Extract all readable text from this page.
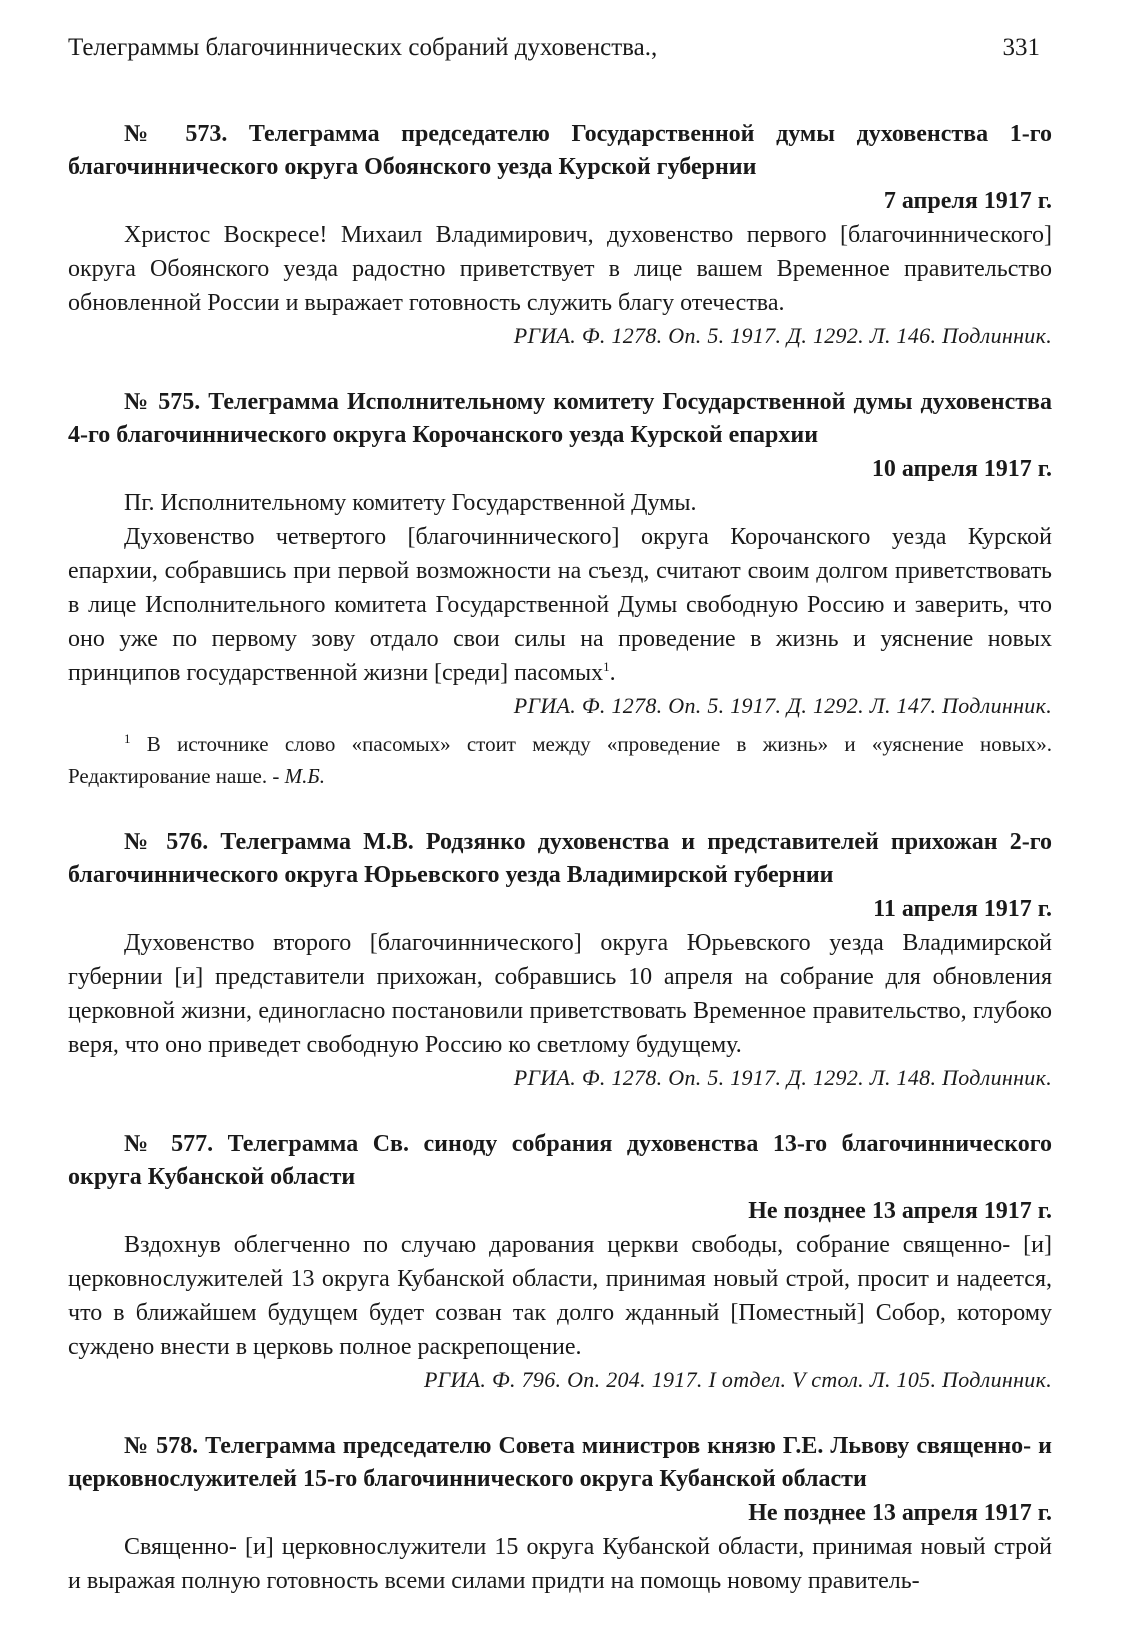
Телеграммы благочиннических собраний духовенства.,	331

№ 573. Телеграмма председателю Государственной думы духовенства 1-го благочиннического округа Обоянского уезда Курской губернии

7 апреля 1917 г.

Христос Воскресе! Михаил Владимирович, духовенство первого [благочиннического] округа Обоянского уезда радостно приветствует в лице вашем Временное правительство обновленной России и выражает готовность служить благу отечества.

РГИА. Ф. 1278. Оп. 5. 1917. Д. 1292. Л. 146. Подлинник.

№ 575. Телеграмма Исполнительному комитету Государственной думы духовенства 4-го благочиннического округа Корочанского уезда Курской епархии

10 апреля 1917 г.

Пг. Исполнительному комитету Государственной Думы.

Духовенство четвертого [благочиннического] округа Корочанского уезда Курской епархии, собравшись при первой возможности на съезд, считают своим долгом приветствовать в лице Исполнительного комитета Государственной Думы свободную Россию и заверить, что оно уже по первому зову отдало свои силы на проведение в жизнь и уяснение новых принципов государственной жизни [среди] пасомых$^1$.

РГИА. Ф. 1278. Оп. 5. 1917. Д. 1292. Л. 147. Подлинник.

$^1$ В источнике слово «пасомых» стоит между «проведение в жизнь» и «уяснение новых». Редактирование наше. - М.Б.

№ 576. Телеграмма М.В. Родзянко духовенства и представителей прихожан 2-го благочиннического округа Юрьевского уезда Владимирской губернии

11 апреля 1917 г.

Духовенство второго [благочиннического] округа Юрьевского уезда Владимирской губернии [и] представители прихожан, собравшись 10 апреля на собрание для обновления церковной жизни, единогласно постановили приветствовать Временное правительство, глубоко веря, что оно приведет свободную Россию ко светлому будущему.

РГИА. Ф. 1278. Оп. 5. 1917. Д. 1292. Л. 148. Подлинник.

№ 577. Телеграмма Св. синоду собрания духовенства 13-го благочиннического округа Кубанской области

Не позднее 13 апреля 1917 г.

Вздохнув облегченно по случаю дарования церкви свободы, собрание священно- [и] церковнослужителей 13 округа Кубанской области, принимая новый строй, просит и надеется, что в ближайшем будущем будет созван так долго жданный [Поместный] Собор, которому суждено внести в церковь полное раскрепощение.

РГИА. Ф. 796. Оп. 204. 1917. I отдел. V стол. Л. 105. Подлинник.

№ 578. Телеграмма председателю Совета министров князю Г.Е. Львову священно- и церковнослужителей 15-го благочиннического округа Кубанской области

Не позднее 13 апреля 1917 г.

Священно- [и] церковнослужители 15 округа Кубанской области, принимая новый строй и выражая полную готовность всеми силами придти на помощь новому правитель-
